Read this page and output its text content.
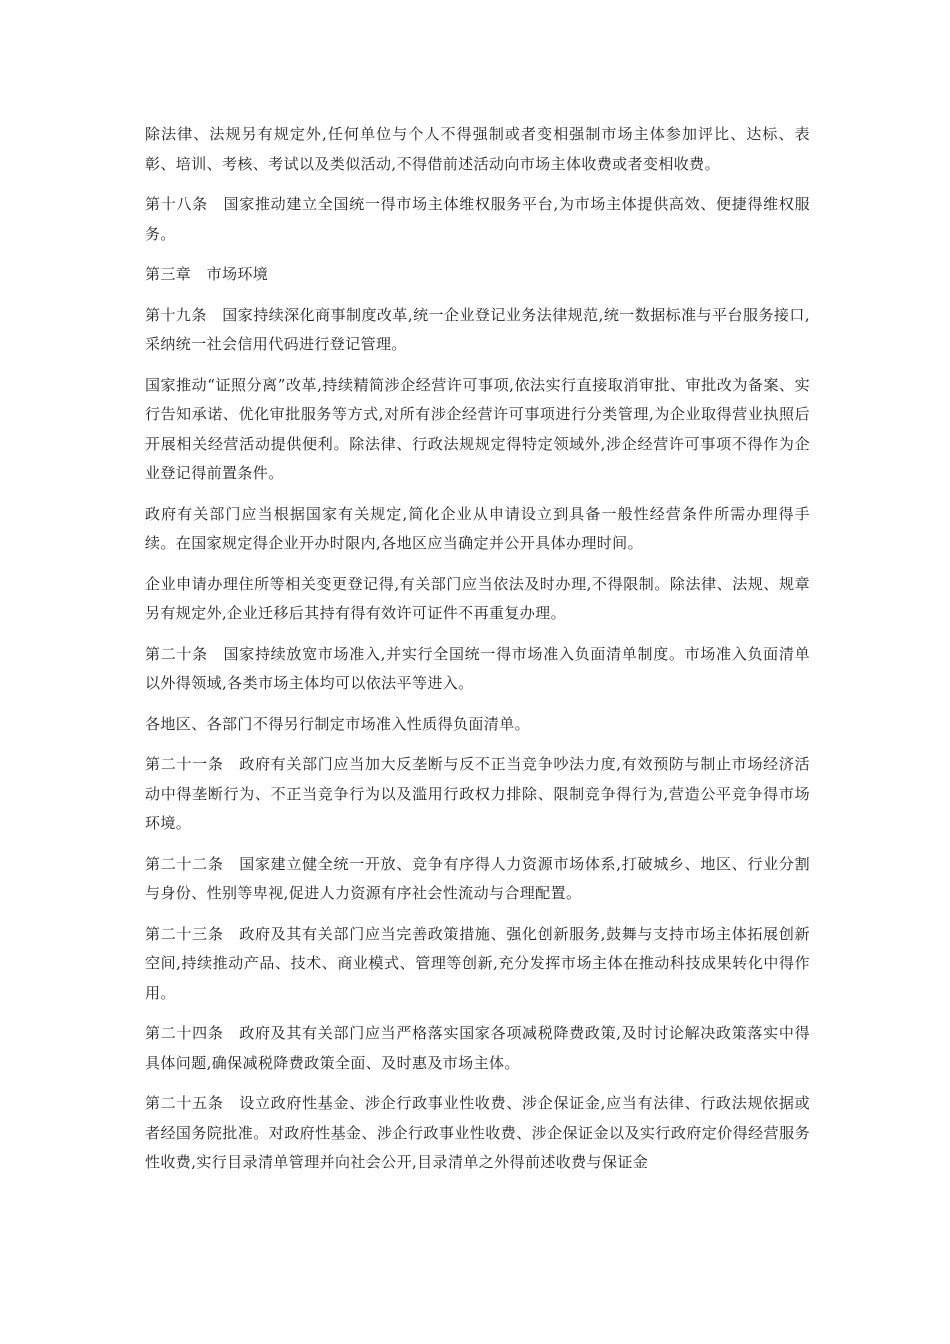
除法律、法规另有规定外,任何单位与个人不得强制或者变相强制市场主体参加评比、达标、表彰、培训、考核、考试以及类似活动,不得借前述活动向市场主体收费或者变相收费。

第十八条　国家推动建立全国统一得市场主体维权服务平台,为市场主体提供高效、便捷得维权服务。

第三章　市场环境

第十九条　国家持续深化商事制度改革,统一企业登记业务法律规范,统一数据标准与平台服务接口,采纳统一社会信用代码进行登记管理。

国家推动“证照分离”改革,持续精简涉企经营许可事项,依法实行直接取消审批、审批改为备案、实行告知承诺、优化审批服务等方式,对所有涉企经营许可事项进行分类管理,为企业取得营业执照后开展相关经营活动提供便利。除法律、行政法规规定得特定领域外,涉企经营许可事项不得作为企业登记得前置条件。

政府有关部门应当根据国家有关规定,简化企业从申请设立到具备一般性经营条件所需办理得手续。在国家规定得企业开办时限内,各地区应当确定并公开具体办理时间。

企业申请办理住所等相关变更登记得,有关部门应当依法及时办理,不得限制。除法律、法规、规章另有规定外,企业迁移后其持有得有效许可证件不再重复办理。

第二十条　国家持续放宽市场准入,并实行全国统一得市场准入负面清单制度。市场准入负面清单以外得领域,各类市场主体均可以依法平等进入。

各地区、各部门不得另行制定市场准入性质得负面清单。

第二十一条　政府有关部门应当加大反垄断与反不正当竞争吵法力度,有效预防与制止市场经济活动中得垄断行为、不正当竞争行为以及滥用行政权力排除、限制竞争得行为,营造公平竞争得市场环境。

第二十二条　国家建立健全统一开放、竞争有序得人力资源市场体系,打破城乡、地区、行业分割与身份、性别等卑视,促进人力资源有序社会性流动与合理配置。

第二十三条　政府及其有关部门应当完善政策措施、强化创新服务,鼓舞与支持市场主体拓展创新空间,持续推动产品、技术、商业模式、管理等创新,充分发挥市场主体在推动科技成果转化中得作用。

第二十四条　政府及其有关部门应当严格落实国家各项减税降费政策,及时讨论解决政策落实中得具体问题,确保减税降费政策全面、及时惠及市场主体。

第二十五条　设立政府性基金、涉企行政事业性收费、涉企保证金,应当有法律、行政法规依据或者经国务院批准。对政府性基金、涉企行政事业性收费、涉企保证金以及实行政府定价得经营服务性收费,实行目录清单管理并向社会公开,目录清单之外得前述收费与保证金
